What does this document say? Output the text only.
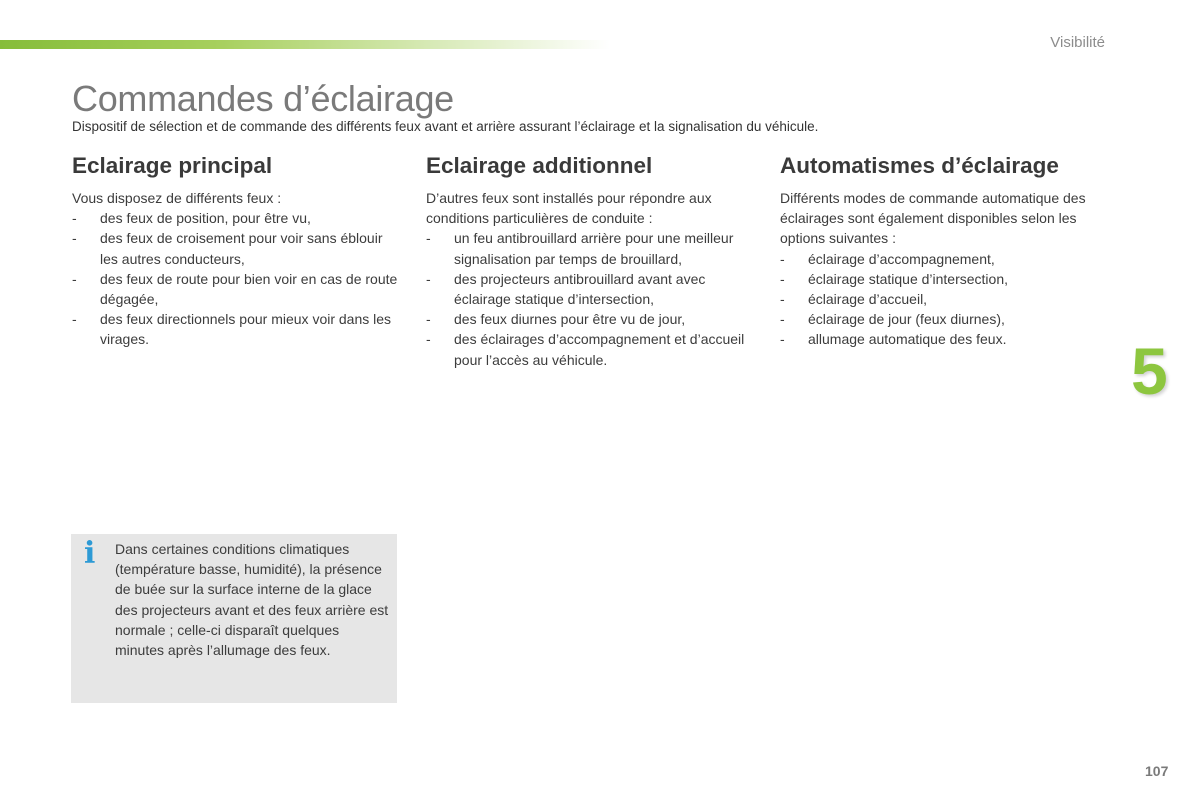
Visibilité
Commandes d’éclairage

Dispositif de sélection et de commande des différents feux avant et arrière assurant l’éclairage et la signalisation du véhicule.

Eclairage principal

Vous disposez de différents feux :

- des feux de position, pour être vu,
- des feux de croisement pour voir sans éblouir les autres conducteurs,
- des feux de route pour bien voir en cas de route dégagée,
- des feux directionnels pour mieux voir dans les virages.
Eclairage additionnel

D’autres feux sont installés pour répondre aux conditions particulières de conduite :

- un feu antibrouillard arrière pour une meilleur signalisation par temps de brouillard,
- des projecteurs antibrouillard avant avec éclairage statique d’intersection,
- des feux diurnes pour être vu de jour,
- des éclairages d’accompagnement et d’accueil pour l’accès au véhicule.
Automatismes d’éclairage

Différents modes de commande automatique des éclairages sont également disponibles selon les options suivantes :

- éclairage d’accompagnement,
- éclairage statique d’intersection,
- éclairage d’accueil,
- éclairage de jour (feux diurnes),
- allumage automatique des feux.	5
i Dans certaines conditions climatiques (température basse, humidité), la présence de buée sur la surface interne de la glace des projecteurs avant et des feux arrière est normale ; celle-ci disparaît quelques minutes après l’allumage des feux.

107
